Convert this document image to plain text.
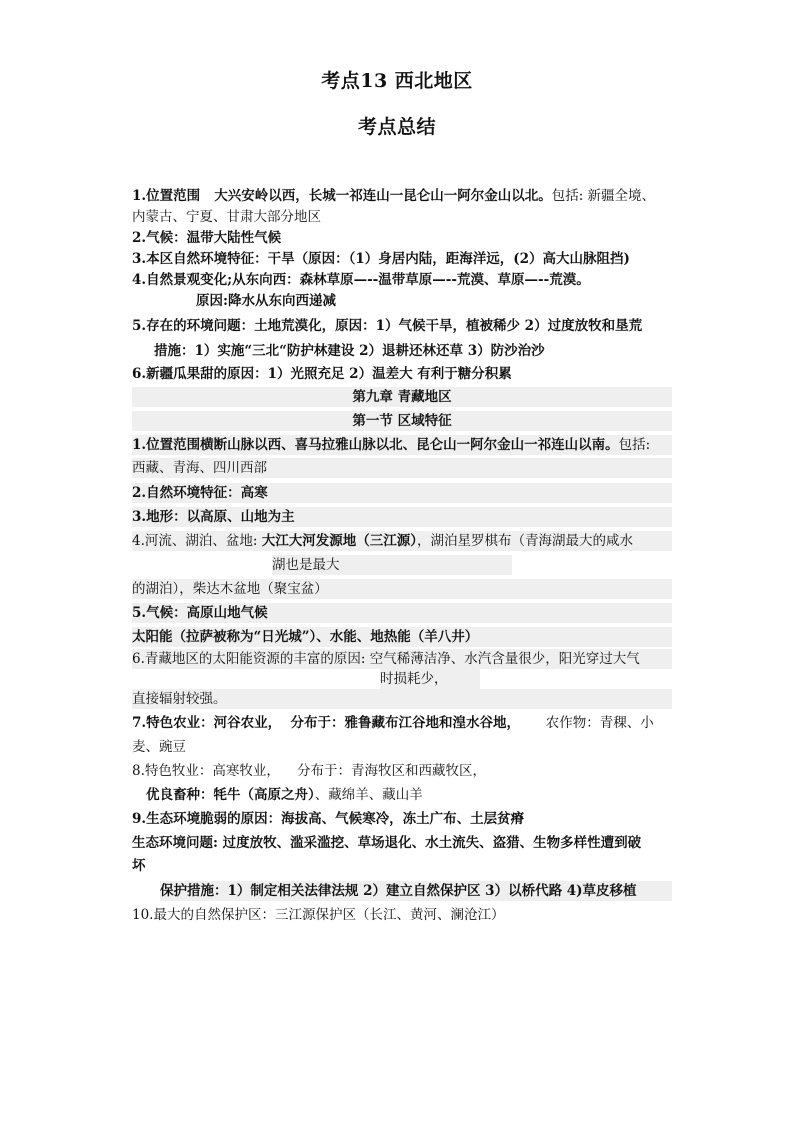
考点13 西北地区
考点总结
1.位置范围   大兴安岭以西，长城一祁连山一昆仑山一阿尔金山以北。包括: 新疆全境、
内蒙古、宁夏、甘肃大部分地区
2.气候：温带大陆性气候
3.本区自然环境特征：干旱（原因：（1）身居内陆，距海洋远，(2）高大山脉阻挡)
4.自然景观变化;从东向西：森林草原—--温带草原—--荒漠、草原—--荒漠。
原因:降水从东向西递减
5.存在的环境问题：土地荒漠化，原因：1）气候干旱，植被稀少 2）过度放牧和垦荒
措施：1）实施“三北“防护林建设 2）退耕还林还草 3）防沙治沙
6.新疆瓜果甜的原因：1）光照充足 2）温差大 有利于糖分积累
第九章 青藏地区
第一节 区域特征
1.位置范围横断山脉以西、喜马拉雅山脉以北、昆仑山一阿尔金山一祁连山以南。包括:
西藏、青海、四川西部
2.自然环境特征：高寒
3.地形：以高原、山地为主
4.河流、湖泊、盆地: 大江大河发源地（三江源），湖泊星罗棋布（青海湖最大的咸水
湖也是最大
的湖泊），柴达木盆地（聚宝盆）
5.气候：高原山地气候
太阳能（拉萨被称为“日光城”）、水能、地热能（羊八井）
6.青藏地区的太阳能资源的丰富的原因: 空气稀薄洁净、水汽含量很少，阳光穿过大气
时损耗少，
直接辐射较强。
7.特色农业：河谷农业，  分布于：雅鲁藏布江谷地和湟水谷地，      农作物：青稞、小
麦、豌豆
8.特色牧业：高寒牧业，    分布于：青海牧区和西藏牧区，
优良畜种：牦牛（高原之舟）、藏绵羊、藏山羊
9.生态环境脆弱的原因：海拔高、气候寒冷，冻土广布、土层贫瘠
生态环境问题: 过度放牧、滥采滥挖、草场退化、水土流失、盗猎、生物多样性遭到破
坏
保护措施：1）制定相关法律法规 2）建立自然保护区 3）以桥代路 4)草皮移植
10.最大的自然保护区：三江源保护区（长江、黄河、澜沧江）
